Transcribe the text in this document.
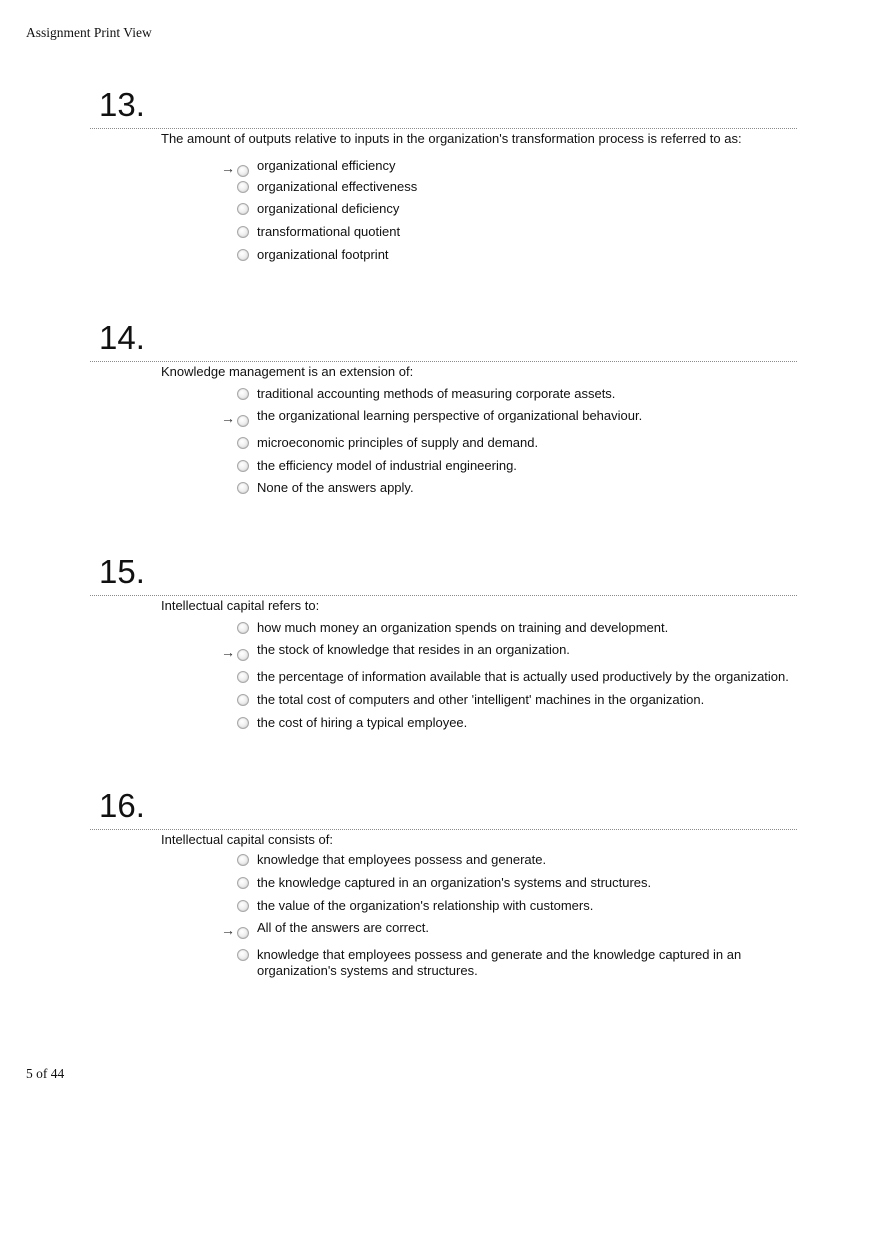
Assignment Print View
13.
The amount of outputs relative to inputs in the organization's transformation process is referred to as:
→ organizational efficiency
organizational effectiveness
organizational deficiency
transformational quotient
organizational footprint
14.
Knowledge management is an extension of:
traditional accounting methods of measuring corporate assets.
→ the organizational learning perspective of organizational behaviour.
microeconomic principles of supply and demand.
the efficiency model of industrial engineering.
None of the answers apply.
15.
Intellectual capital refers to:
how much money an organization spends on training and development.
→ the stock of knowledge that resides in an organization.
the percentage of information available that is actually used productively by the organization.
the total cost of computers and other 'intelligent' machines in the organization.
the cost of hiring a typical employee.
16.
Intellectual capital consists of:
knowledge that employees possess and generate.
the knowledge captured in an organization's systems and structures.
the value of the organization's relationship with customers.
→ All of the answers are correct.
knowledge that employees possess and generate and the knowledge captured in an organization's systems and structures.
5 of 44
